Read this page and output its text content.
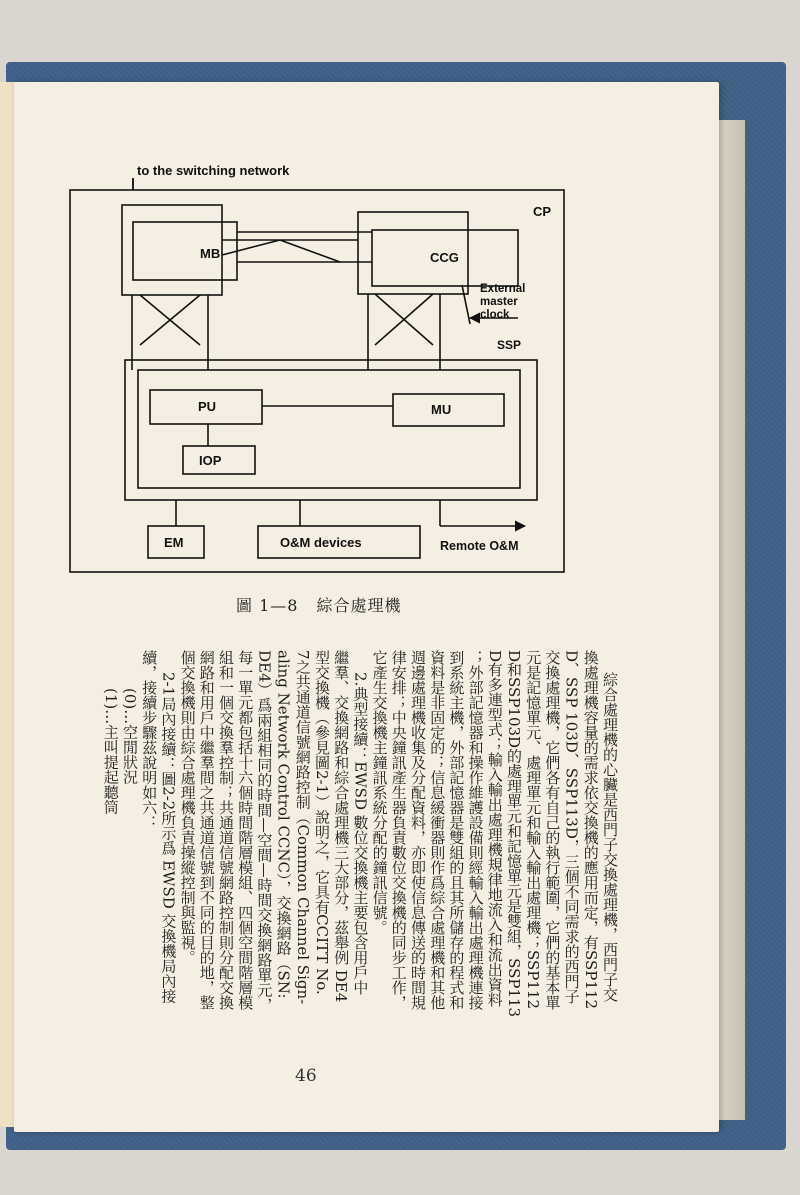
to the switching network
CP
MB	CCG
External
master
clock
SSP
PU	MU
IOP
EM	O&M devices	Remote O&M
圖 1—8 綜合處理機
綜合處理機的心臟是西門子交換處理機，西門子交
換處理機容量的需求依交換機的應用而定，有SSP112
D、SSP 103D、SSP113D，三個不同需求的西門子
交換處理機，它們各有自己的執行範圍，它們的基本單
元是記憶單元、處理單元和輸入輸出處理機；SSP112
D和SSP103D的處理單元和記憶單元是雙組，SSP113
D有多連型式；輸入輸出處理機規律地流入和流出資料
；外部記憶器和操作維護設備則經輸入輸出處理機連接
到系統主機，外部記憶器是雙組的且其所儲存的程式和
資料是非固定的；信息緩衝器則作爲綜合處理機和其他
週邊處理機收集及分配資料，亦即使信息傳送的時間規
律安排；中央鐘訊產生器負責數位交換機的同步工作，
它產生交換機主鐘訊系統分配的鐘訊信號。
2.典型接續：EWSD 數位交換機主要包含用戶中
繼羣、交換網路和綜合處理機三大部分，茲舉例 DE4
型交換機（參見圖2-1）說明之，它具有CCITT No.
7之共通道信號網路控制（Common Channel Sign-
aling Network Control CCNC），交換網路（SN:
DE4）爲兩組相同的時間—空間—時間交換網路單元，
每一單元都包括十六個時間階層模組、四個空間階層模
組和一個交換羣控制；共通道信號網路控制則分配交換
網路和用戶中繼羣間之共通道信號到不同的目的地，整
個交換機則由綜合處理機負責操縱控制與監視。
2-1局內接續：圖2-2所示爲 EWSD 交換機局內接
續，接續步驟茲說明如六：
(0)…空閒狀況
(1)…主叫提起聽筒
46
